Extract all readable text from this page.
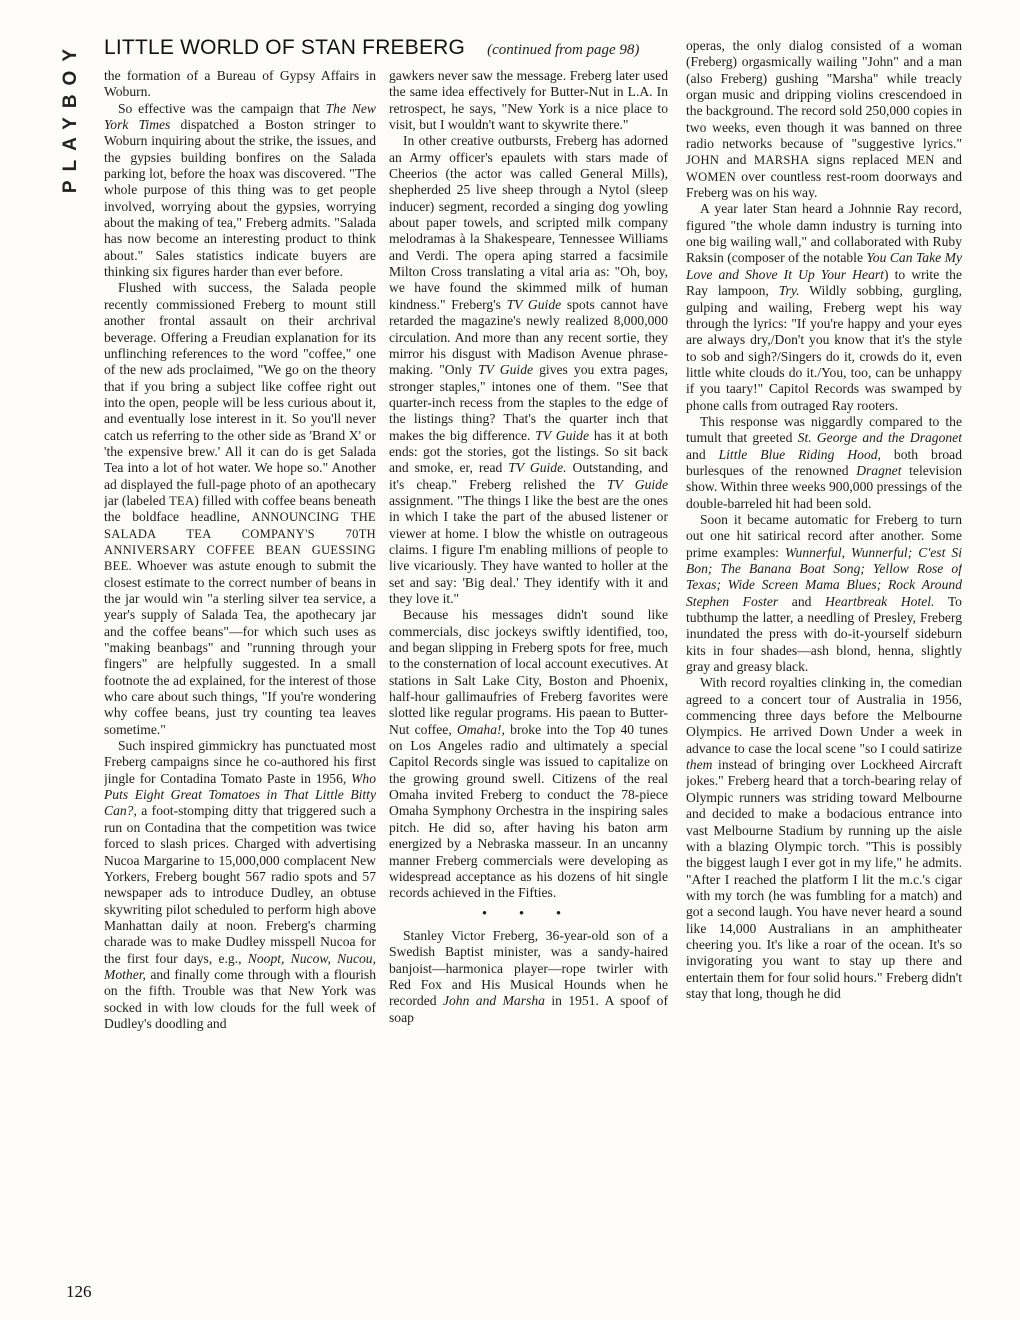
PLAYBOY LITTLE WORLD OF STAN FREBERG (continued from page 98)

the formation of a Bureau of Gypsy Affairs in Woburn.

So effective was the campaign that The New York Times dispatched a Boston stringer to Woburn inquiring about the strike, the issues, and the gypsies building bonfires on the Salada parking lot, before the hoax was discovered. "The whole purpose of this thing was to get people involved, worrying about the gypsies, worrying about the making of tea," Freberg admits. "Salada has now become an interesting product to think about." Sales statistics indicate buyers are thinking six figures harder than ever before.

Flushed with success, the Salada people recently commissioned Freberg to mount still another frontal assault on their archrival beverage. Offering a Freudian explanation for its unflinching references to the word "coffee," one of the new ads proclaimed, "We go on the theory that if you bring a subject like coffee right out into the open, people will be less curious about it, and eventually lose interest in it. So you'll never catch us referring to the other side as 'Brand X' or 'the expensive brew.' All it can do is get Salada Tea into a lot of hot water. We hope so." Another ad displayed the full-page photo of an apothecary jar (labeled TEA) filled with coffee beans beneath the boldface headline, ANNOUNCING THE SALADA TEA COMPANY'S 70TH ANNIVERSARY COFFEE BEAN GUESSING BEE. Whoever was astute enough to submit the closest estimate to the correct number of beans in the jar would win "a sterling silver tea service, a year's supply of Salada Tea, the apothecary jar and the coffee beans"—for which such uses as "making beanbags" and "running through your fingers" are helpfully suggested. In a small footnote the ad explained, for the interest of those who care about such things, "If you're wondering why coffee beans, just try counting tea leaves sometime."

Such inspired gimmickry has punctuated most Freberg campaigns since he co-authored his first jingle for Contadina Tomato Paste in 1956, Who Puts Eight Great Tomatoes in That Little Bitty Can?, a foot-stomping ditty that triggered such a run on Contadina that the competition was twice forced to slash prices. Charged with advertising Nucoa Margarine to 15,000,000 complacent New Yorkers, Freberg bought 567 radio spots and 57 newspaper ads to introduce Dudley, an obtuse skywriting pilot scheduled to perform high above Manhattan daily at noon. Freberg's charming charade was to make Dudley misspell Nucoa for the first four days, e.g., Noopt, Nucow, Nucou, Mother, and finally come through with a flourish on the fifth. Trouble was that New York was socked in with low clouds for the full week of Dudley's doodling and

gawkers never saw the message. Freberg later used the same idea effectively for Butter-Nut in L.A. In retrospect, he says, "New York is a nice place to visit, but I wouldn't want to skywrite there."

In other creative outbursts, Freberg has adorned an Army officer's epaulets with stars made of Cheerios (the actor was called General Mills), shepherded 25 live sheep through a Nytol (sleep inducer) segment, recorded a singing dog yowling about paper towels, and scripted milk company melodramas à la Shakespeare, Tennessee Williams and Verdi. The opera aping starred a facsimile Milton Cross translating a vital aria as: "Oh, boy, we have found the skimmed milk of human kindness." Freberg's TV Guide spots cannot have retarded the magazine's newly realized 8,000,000 circulation. And more than any recent sortie, they mirror his disgust with Madison Avenue phrase-making. "Only TV Guide gives you extra pages, stronger staples," intones one of them. "See that quarter-inch recess from the staples to the edge of the listings thing? That's the quarter inch that makes the big difference. TV Guide has it at both ends: got the stories, got the listings. So sit back and smoke, er, read TV Guide. Outstanding, and it's cheap." Freberg relished the TV Guide assignment. "The things I like the best are the ones in which I take the part of the abused listener or viewer at home. I blow the whistle on outrageous claims. I figure I'm enabling millions of people to live vicariously. They have wanted to holler at the set and say: 'Big deal.' They identify with it and they love it."

Because his messages didn't sound like commercials, disc jockeys swiftly identified, too, and began slipping in Freberg spots for free, much to the consternation of local account executives. At stations in Salt Lake City, Boston and Phoenix, half-hour gallimaufries of Freberg favorites were slotted like regular programs. His paean to Butter-Nut coffee, Omaha!, broke into the Top 40 tunes on Los Angeles radio and ultimately a special Capitol Records single was issued to capitalize on the growing ground swell. Citizens of the real Omaha invited Freberg to conduct the 78-piece Omaha Symphony Orchestra in the inspiring sales pitch. He did so, after having his baton arm energized by a Nebraska masseur. In an uncanny manner Freberg commercials were developing as widespread acceptance as his dozens of hit single records achieved in the Fifties.

• • •

Stanley Victor Freberg, 36-year-old son of a Swedish Baptist minister, was a sandy-haired banjoist—harmonica player—rope twirler with Red Fox and His Musical Hounds when he recorded John and Marsha in 1951. A spoof of soap

operas, the only dialog consisted of a woman (Freberg) orgasmically wailing "John" and a man (also Freberg) gushing "Marsha" while treacly organ music and dripping violins crescendoed in the background. The record sold 250,000 copies in two weeks, even though it was banned on three radio networks because of "suggestive lyrics." JOHN and MARSHA signs replaced MEN and WOMEN over countless rest-room doorways and Freberg was on his way.

A year later Stan heard a Johnnie Ray record, figured "the whole damn industry is turning into one big wailing wall," and collaborated with Ruby Raksin (composer of the notable You Can Take My Love and Shove It Up Your Heart) to write the Ray lampoon, Try. Wildly sobbing, gurgling, gulping and wailing, Freberg wept his way through the lyrics: "If you're happy and your eyes are always dry,/Don't you know that it's the style to sob and sigh?/Singers do it, crowds do it, even little white clouds do it./You, too, can be unhappy if you taary!" Capitol Records was swamped by phone calls from outraged Ray rooters.

This response was niggardly compared to the tumult that greeted St. George and the Dragonet and Little Blue Riding Hood, both broad burlesques of the renowned Dragnet television show. Within three weeks 900,000 pressings of the double-barreled hit had been sold.

Soon it became automatic for Freberg to turn out one hit satirical record after another. Some prime examples: Wunnerful, Wunnerful; C'est Si Bon; The Banana Boat Song; Yellow Rose of Texas; Wide Screen Mama Blues; Rock Around Stephen Foster and Heartbreak Hotel. To tubthump the latter, a needling of Presley, Freberg inundated the press with do-it-yourself sideburn kits in four shades—ash blond, henna, slightly gray and greasy black.

With record royalties clinking in, the comedian agreed to a concert tour of Australia in 1956, commencing three days before the Melbourne Olympics. He arrived Down Under a week in advance to case the local scene "so I could satirize them instead of bringing over Lockheed Aircraft jokes." Freberg heard that a torch-bearing relay of Olympic runners was striding toward Melbourne and decided to make a bodacious entrance into vast Melbourne Stadium by running up the aisle with a blazing Olympic torch. "This is possibly the biggest laugh I ever got in my life," he admits. "After I reached the platform I lit the m.c.'s cigar with my torch (he was fumbling for a match) and got a second laugh. You have never heard a sound like 14,000 Australians in an amphitheater cheering you. It's like a roar of the ocean. It's so invigorating you want to stay up there and entertain them for four solid hours." Freberg didn't stay that long, though he did

126
